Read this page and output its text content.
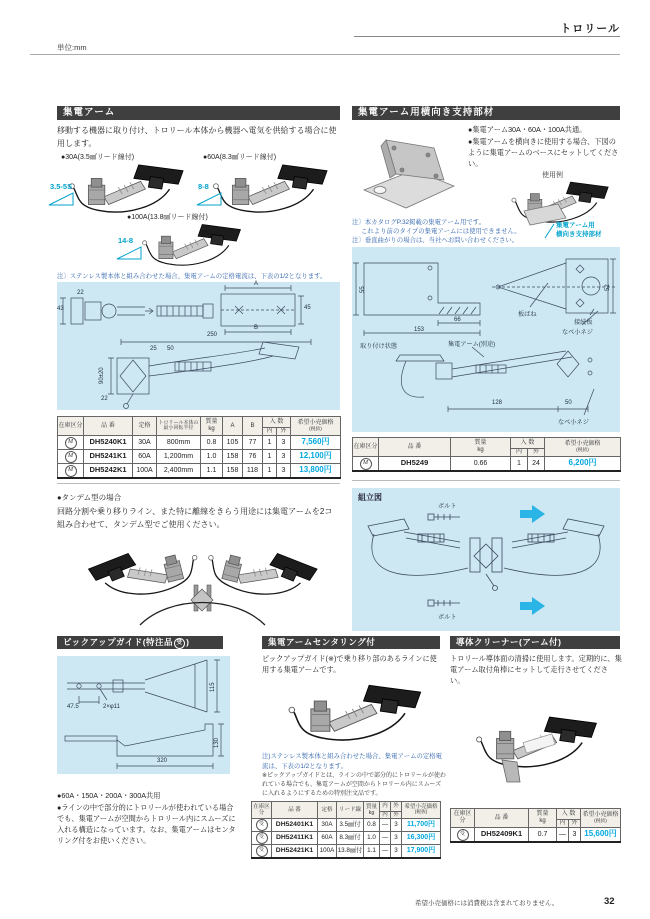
トロリール
単位:mm
集電アーム
移動する機器に取り付け、トロリール本体から機器へ電気を供給する場合に使用します。
●30A(3.5㎟リード線付)
3.5-5S
●60A(8.3㎟リード線付)
8-8
●100A(13.8㎟リード線付)
14-8
注〕ステンレス製本体と組み合わせた場合、集電アームの定格電流は、下表の1/2となります。
A
B
45
43
22
250
25 50
90±20
22
在庫区分	品 番	定格	
トロリール本体の
最小回転半径

質量
kg
	A	B	入 数	希望小売価格
(税抜)

							内	外	
M	DH5240K1	30A	800mm	0.8	105	77	1	3	7,560円
M	DH5241K1	60A	1,200mm	1.0	158	76	1	3	12,100円
M	DH5242K1	100A	2,400mm	1.1	158	118	1	3	13,800円
●タンデム型の場合
回路分割や乗り移りライン、また特に離線をきらう用途には集電アームを2コ組み合わせて、タンデム型でご使用ください。
集電アーム用横向き支持部材
●集電アーム30A・60A・100A共通。
●集電アームを横向きに使用する場合、下図のように集電アームのベースにセットしてください。
使用例
注〕本カタログP.32掲載の集電アーム用です。
これより前のタイプの集電アームには使用できません。
注〕垂直曲がりの場合は、当社へお問い合わせください。
集電アーム用
横向き支持部材
55
66
153
52
板ばね
接続板
なべ小ネジ
取り付け状態	集電アーム(別途)
128	50
なべ小ネジ
在庫区分	品 番	
質量
kg
	入 数	希望小売価格
(税抜)

			内	外	
M	DH5249	0.66	1	24	6,200円
組立図
ボルト
ボルト
ピックアップガイド(特注品 受 )
47.5	2×φ11
115
320
130
●60A・150A・200A・300A共用
●ラインの中で部分的にトロリールが使われている場合でも、集電アームが空間からトロリール内にスムーズに入れる構造になっています。なお、集電アームはセンタリング付をお使いください。
集電アームセンタリング付
ピックアップガイド(※)で乗り移り部のあるラインに使用する集電アームです。
注)ステンレス製本体と組み合わせた場合、集電アームの定格電流は、下表の1/2となります。
※ピックアップガイドとは、ラインの中で部分的にトロリールが使われている場合でも、集電アームが空間からトロリール内にスムーズに入れるようにするための特別注文品です。
在庫区分	品 番	定格	リード線	
質量
kg
	内	外	希望小売価格
(税抜)

					内	外	
受	DH52401K1	30A	3.5㎟付	0.8	—	3	11,700円
受	DH52411K1	60A	8.3㎟付	1.0	—	3	16,300円
受	DH52421K1	100A	13.8㎟付	1.1	—	3	17,900円
導体クリーナー(アーム付)
トロリール導体面の清掃に使用します。定期的に、集電アーム取付角棒にセットして走行させてください。
在庫区分	品 番	
質量
kg
	入 数	希望小売価格
(税抜)

			内	外	
受	DH52409K1	0.7	—	3	15,600円
希望小売価格には消費税は含まれておりません。	32
